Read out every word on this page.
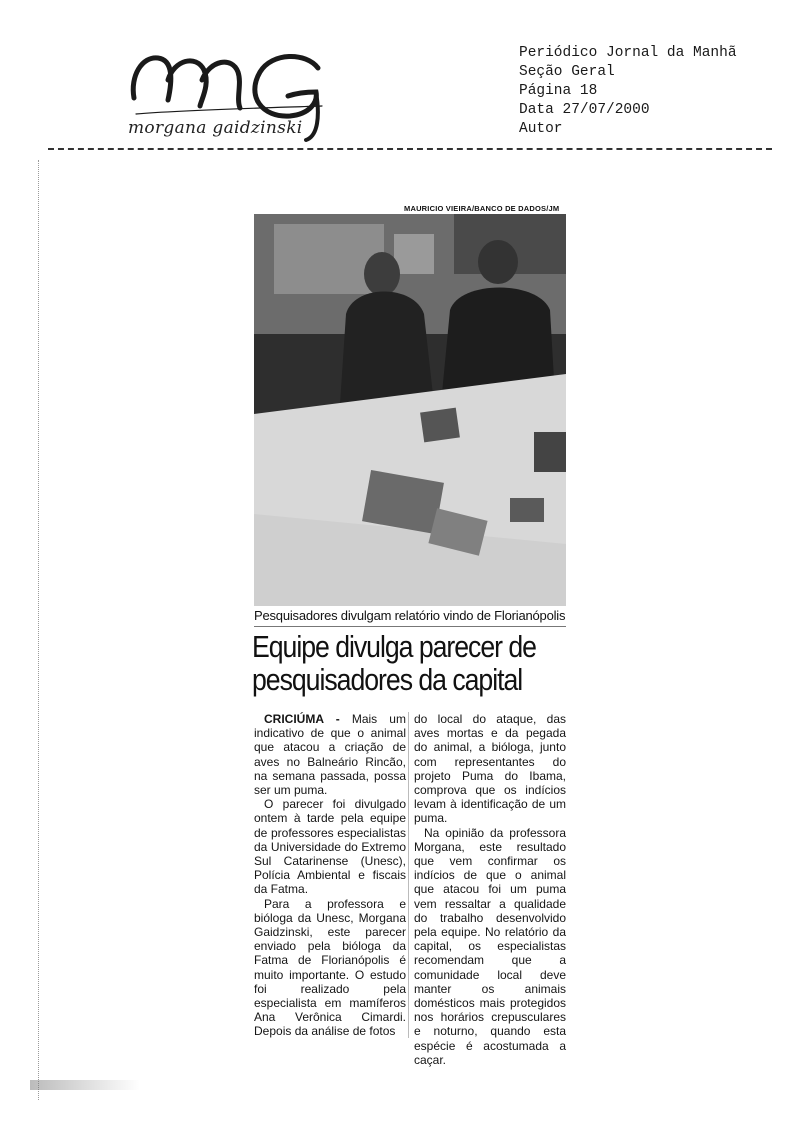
morgana gaidzinski
Periódico Jornal da Manhã
Seção Geral
Página 18
Data 27/07/2000
Autor
MAURICIO VIEIRA/BANCO DE DADOS/JM
Pesquisadores divulgam relatório vindo de Florianópolis
Equipe divulga parecer de
pesquisadores da capital

CRICIÚMA - Mais um indicativo de que o animal que atacou a criação de aves no Balneário Rincão, na semana passada, possa ser um puma.

O parecer foi divulgado ontem à tarde pela equipe de professores especialistas da Universidade do Extremo Sul Catarinense (Unesc), Polícia Ambiental e fiscais da Fatma.

Para a professora e bióloga da Unesc, Morgana Gaidzinski, este parecer enviado pela bióloga da Fatma de Florianópolis é muito importante. O estudo foi realizado pela especialista em mamíferos Ana Verônica Cimardi. Depois da análise de fotos

do local do ataque, das aves mortas e da pegada do animal, a bióloga, junto com representantes do projeto Puma do Ibama, comprova que os indícios levam à identificação de um puma.

Na opinião da professora Morgana, este resultado que vem confirmar os indícios de que o animal que atacou foi um puma vem ressaltar a qualidade do trabalho desenvolvido pela equipe. No relatório da capital, os especialistas recomendam que a comunidade local deve manter os animais domésticos mais protegidos nos horários crepusculares e noturno, quando esta espécie é acostumada a caçar.
